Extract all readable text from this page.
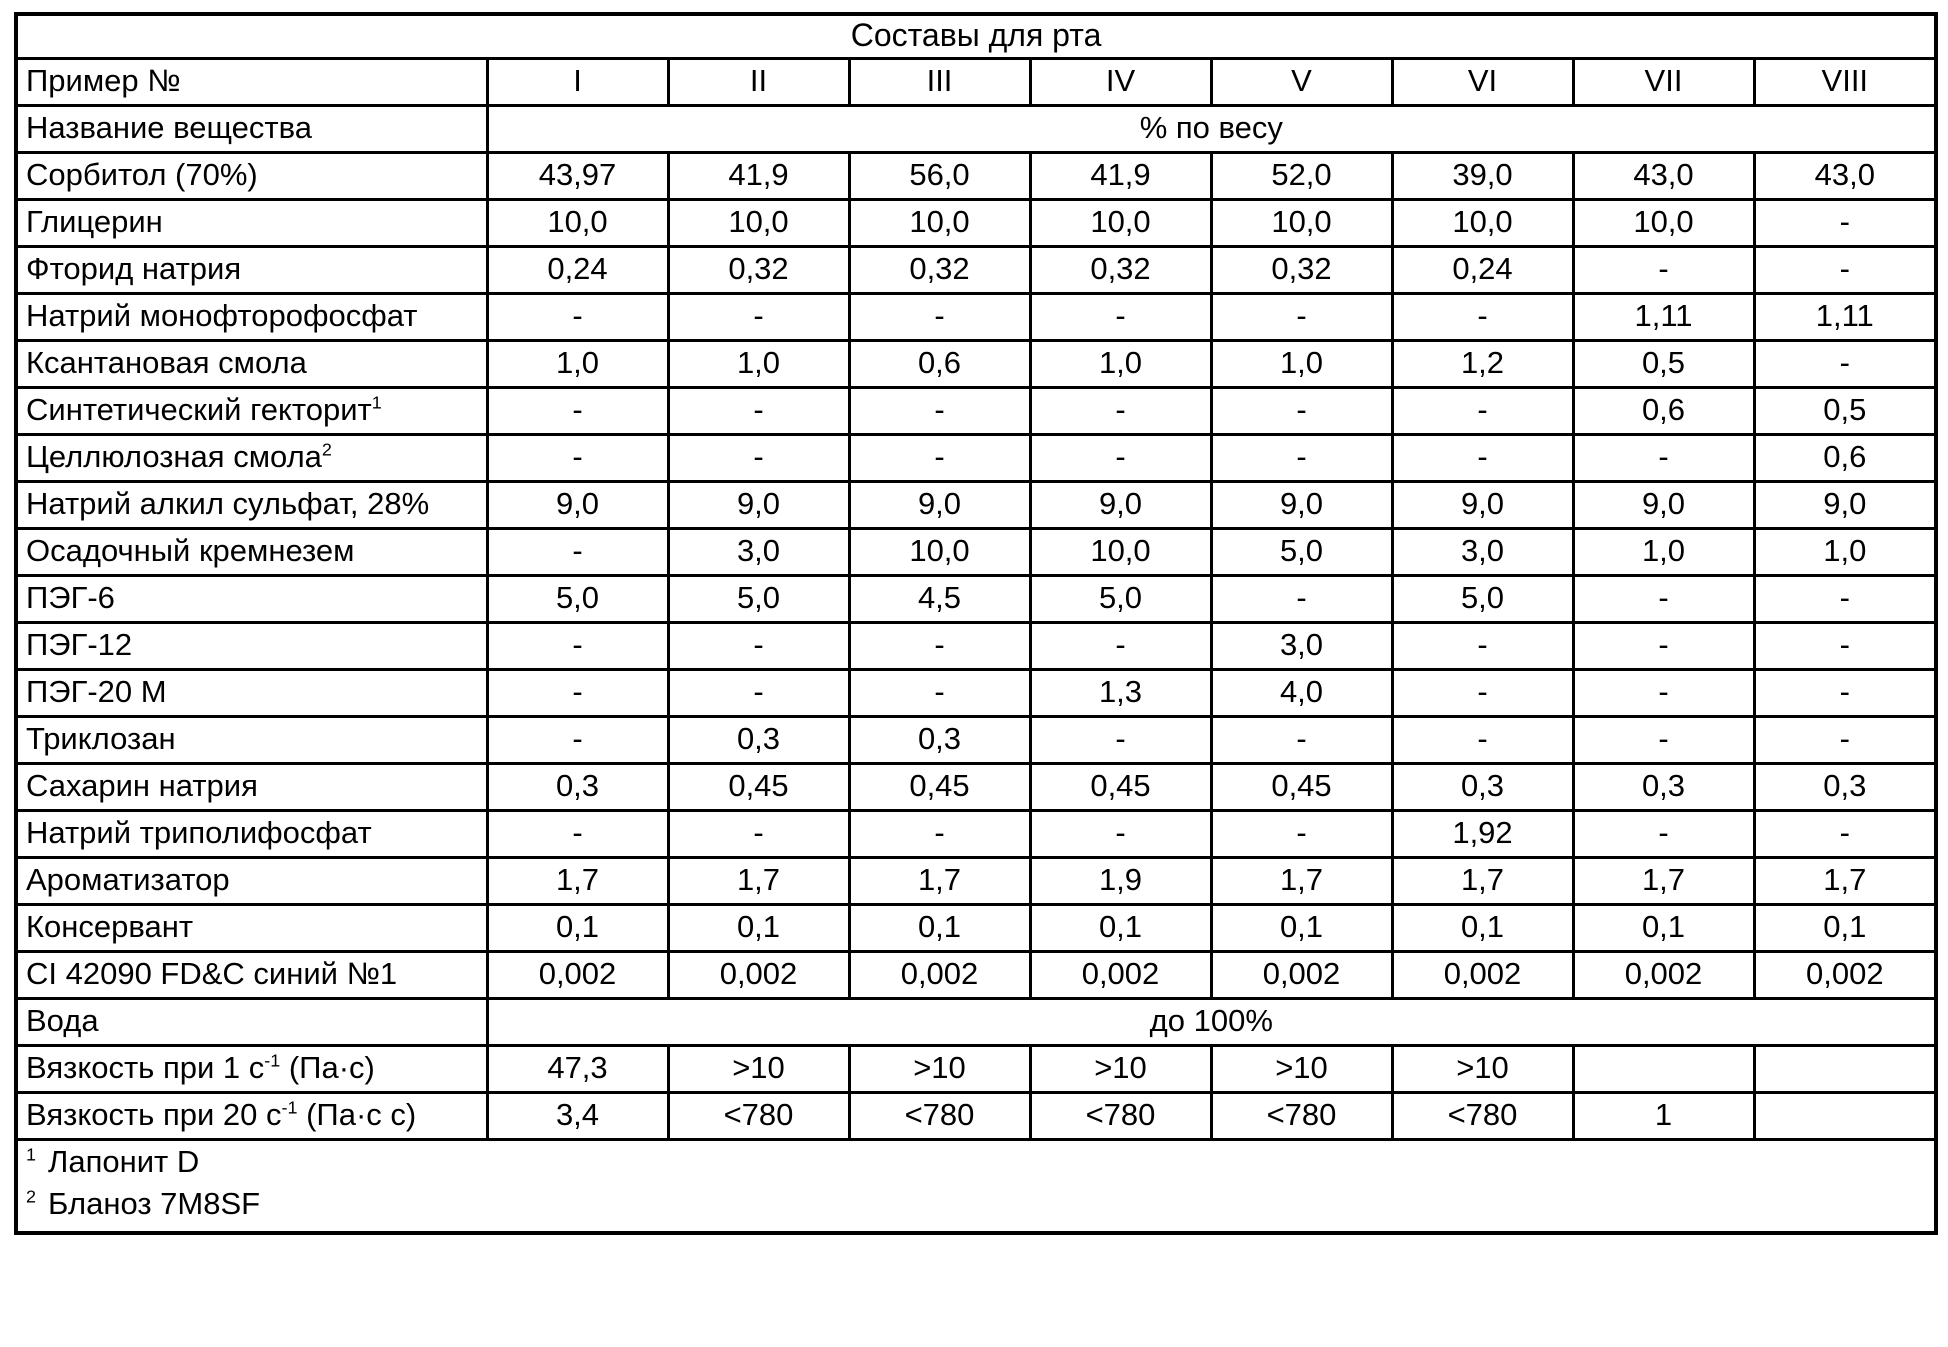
Составы для рта								
Пример №	I	II	III	IV	V	VI	VII	VIII
Название вещества	% по весу							
Сорбитол (70%)	43,97	41,9	56,0	41,9	52,0	39,0	43,0	43,0
Глицерин	10,0	10,0	10,0	10,0	10,0	10,0	10,0	-
Фторид натрия	0,24	0,32	0,32	0,32	0,32	0,24	-	-
Натрий монофторофосфат	-	-	-	-	-	-	1,11	1,11
Ксантановая смола	1,0	1,0	0,6	1,0	1,0	1,2	0,5	-
Синтетический гекторит$^1$	-	-	-	-	-	-	0,6	0,5
Целлюлозная смола$^2$	-	-	-	-	-	-	-	0,6
Натрий алкил сульфат, 28%	9,0	9,0	9,0	9,0	9,0	9,0	9,0	9,0
Осадочный кремнезем	-	3,0	10,0	10,0	5,0	3,0	1,0	1,0
ПЭГ-6	5,0	5,0	4,5	5,0	-	5,0	-	-
ПЭГ-12	-	-	-	-	3,0	-	-	-
ПЭГ-20 М	-	-	-	1,3	4,0	-	-	-
Триклозан	-	0,3	0,3	-	-	-	-	-
Сахарин натрия	0,3	0,45	0,45	0,45	0,45	0,3	0,3	0,3
Натрий триполифосфат	-	-	-	-	-	1,92	-	-
Ароматизатор	1,7	1,7	1,7	1,9	1,7	1,7	1,7	1,7
Консервант	0,1	0,1	0,1	0,1	0,1	0,1	0,1	0,1
CI 42090 FD&C синий №1	0,002	0,002	0,002	0,002	0,002	0,002	0,002	0,002
Вода	до 100%							
Вязкость при 1 $с^{-1}$ (Па·с)	47,3	>10	>10	>10	>10	>10		
Вязкость при 20 $с^{-1}$ (Па·с с)	3,4	<780	<780	<780	<780	<780	1	

$^1$ Лапонит D
$^2$ Бланоз 7M8SF								
